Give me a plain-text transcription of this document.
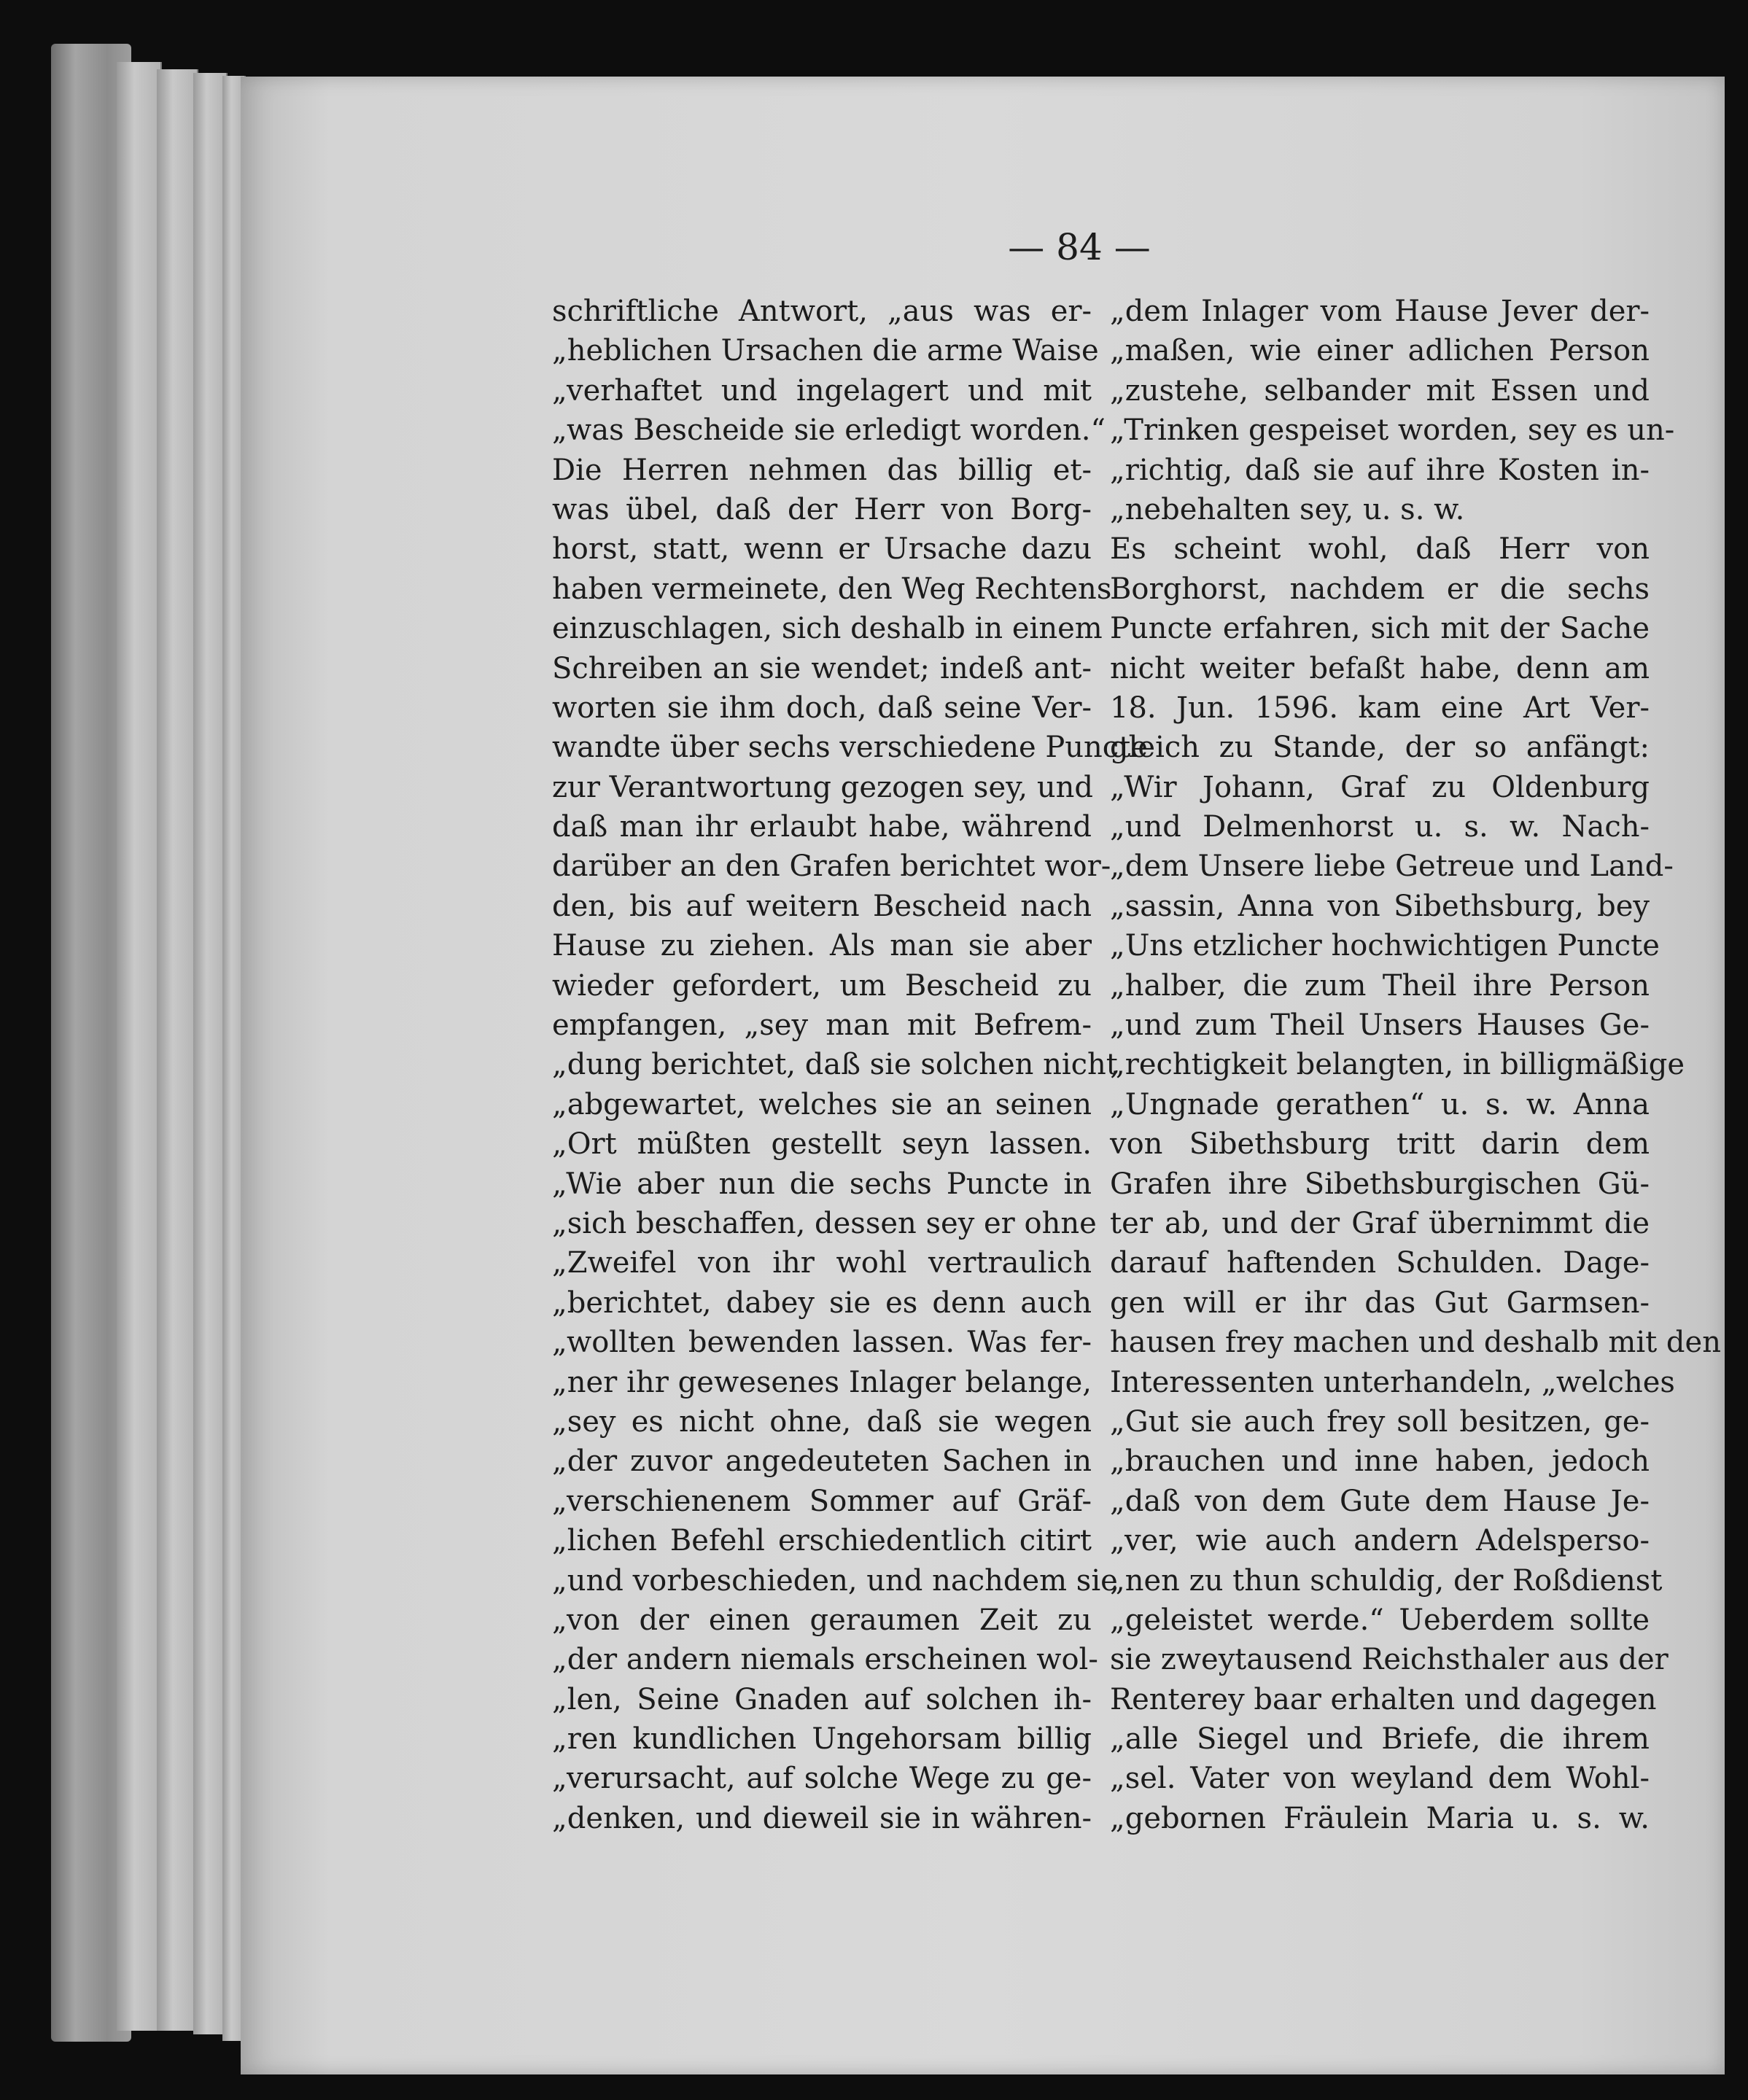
— 84 —
schriftliche Antwort, „aus was er-
„heblichen Ursachen die arme Waise
„verhaftet und ingelagert und mit
„was Bescheide sie erledigt worden.“
Die Herren nehmen das billig et-
was übel, daß der Herr von Borg-
horst, statt, wenn er Ursache dazu
haben vermeinete, den Weg Rechtens
einzuschlagen, sich deshalb in einem
Schreiben an sie wendet; indeß ant-
worten sie ihm doch, daß seine Ver-
wandte über sechs verschiedene Puncte
zur Verantwortung gezogen sey, und
daß man ihr erlaubt habe, während
darüber an den Grafen berichtet wor-
den, bis auf weitern Bescheid nach
Hause zu ziehen. Als man sie aber
wieder gefordert, um Bescheid zu
empfangen, „sey man mit Befrem-
„dung berichtet, daß sie solchen nicht
„abgewartet, welches sie an seinen
„Ort müßten gestellt seyn lassen.
„Wie aber nun die sechs Puncte in
„sich beschaffen, dessen sey er ohne
„Zweifel von ihr wohl vertraulich
„berichtet, dabey sie es denn auch
„wollten bewenden lassen. Was fer-
„ner ihr gewesenes Inlager belange,
„sey es nicht ohne, daß sie wegen
„der zuvor angedeuteten Sachen in
„verschienenem Sommer auf Gräf-
„lichen Befehl erschiedentlich citirt
„und vorbeschieden, und nachdem sie
„von der einen geraumen Zeit zu
„der andern niemals erscheinen wol-
„len, Seine Gnaden auf solchen ih-
„ren kundlichen Ungehorsam billig
„verursacht, auf solche Wege zu ge-
„denken, und dieweil sie in währen-
„dem Inlager vom Hause Jever der-
„maßen, wie einer adlichen Person
„zustehe, selbander mit Essen und
„Trinken gespeiset worden, sey es un-
„richtig, daß sie auf ihre Kosten in-
„nebehalten sey, u. s. w.
Es scheint wohl, daß Herr von
Borghorst, nachdem er die sechs
Puncte erfahren, sich mit der Sache
nicht weiter befaßt habe, denn am
18. Jun. 1596. kam eine Art Ver-
gleich zu Stande, der so anfängt:
„Wir Johann, Graf zu Oldenburg
„und Delmenhorst u. s. w. Nach-
„dem Unsere liebe Getreue und Land-
„sassin, Anna von Sibethsburg, bey
„Uns etzlicher hochwichtigen Puncte
„halber, die zum Theil ihre Person
„und zum Theil Unsers Hauses Ge-
„rechtigkeit belangten, in billigmäßige
„Ungnade gerathen“ u. s. w. Anna
von Sibethsburg tritt darin dem
Grafen ihre Sibethsburgischen Gü-
ter ab, und der Graf übernimmt die
darauf haftenden Schulden. Dage-
gen will er ihr das Gut Garmsen-
hausen frey machen und deshalb mit den
Interessenten unterhandeln, „welches
„Gut sie auch frey soll besitzen, ge-
„brauchen und inne haben, jedoch
„daß von dem Gute dem Hause Je-
„ver, wie auch andern Adelsperso-
„nen zu thun schuldig, der Roßdienst
„geleistet werde.“ Ueberdem sollte
sie zweytausend Reichsthaler aus der
Renterey baar erhalten und dagegen
„alle Siegel und Briefe, die ihrem
„sel. Vater von weyland dem Wohl-
„gebornen Fräulein Maria u. s. w.
